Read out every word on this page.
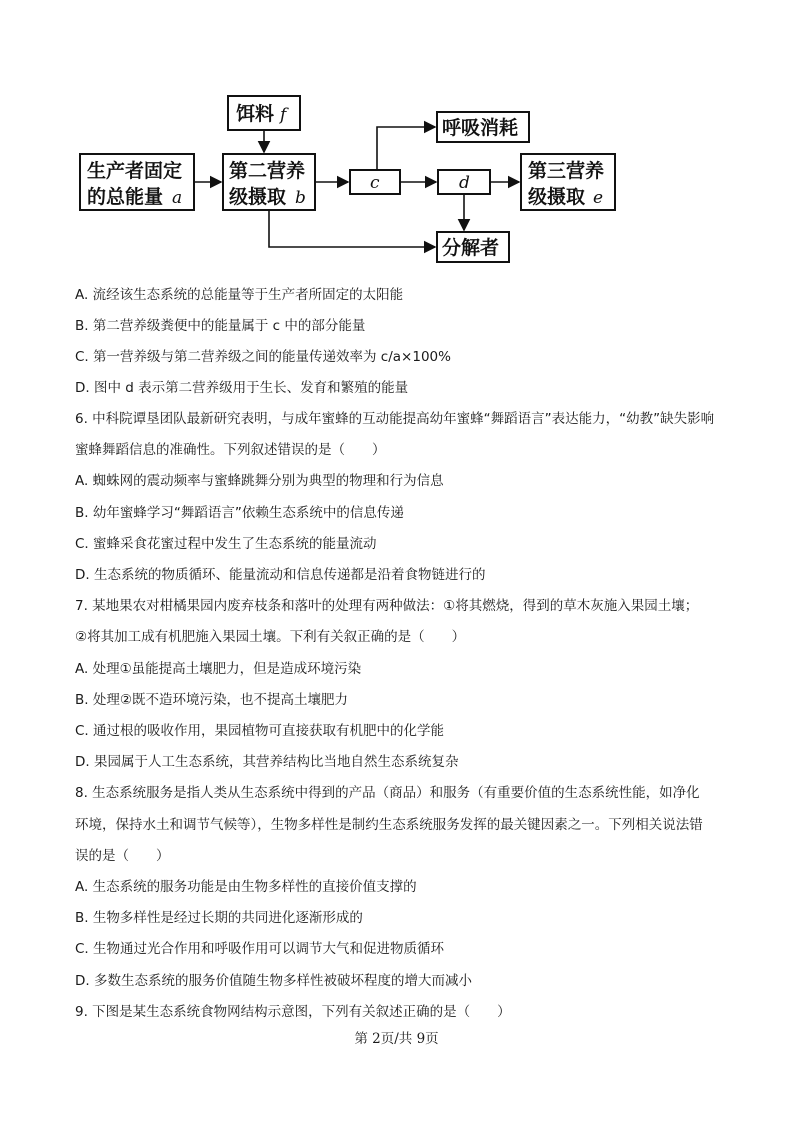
饵料 f
生产者固定
的总能量 a
第二营养
级摄取 b
c	d
呼吸消耗
第三营养
级摄取 e
分解者
A. 流经该生态系统的总能量等于生产者所固定的太阳能
B. 第二营养级粪便中的能量属于 c 中的部分能量
C. 第一营养级与第二营养级之间的能量传递效率为 c/a×100%
D. 图中 d 表示第二营养级用于生长、发育和繁殖的能量
6. 中科院谭垦团队最新研究表明，与成年蜜蜂的互动能提高幼年蜜蜂“舞蹈语言”表达能力，“幼教”缺失影响
蜜蜂舞蹈信息的准确性。下列叙述错误的是（　　）
A. 蜘蛛网的震动频率与蜜蜂跳舞分别为典型的物理和行为信息
B. 幼年蜜蜂学习“舞蹈语言”依赖生态系统中的信息传递
C. 蜜蜂采食花蜜过程中发生了生态系统的能量流动
D. 生态系统的物质循环、能量流动和信息传递都是沿着食物链进行的
7. 某地果农对柑橘果园内废弃枝条和落叶的处理有两种做法：①将其燃烧，得到的草木灰施入果园土壤；
②将其加工成有机肥施入果园土壤。下利有关叙正确的是（　　）
A. 处理①虽能提高土壤肥力，但是造成环境污染
B. 处理②既不造环境污染，也不提高土壤肥力
C. 通过根的吸收作用，果园植物可直接获取有机肥中的化学能
D. 果园属于人工生态系统，其营养结构比当地自然生态系统复杂
8. 生态系统服务是指人类从生态系统中得到的产品（商品）和服务（有重要价值的生态系统性能，如净化
环境，保持水土和调节气候等），生物多样性是制约生态系统服务发挥的最关键因素之一。下列相关说法错
误的是（　　）
A. 生态系统的服务功能是由生物多样性的直接价值支撑的
B. 生物多样性是经过长期的共同进化逐渐形成的
C. 生物通过光合作用和呼吸作用可以调节大气和促进物质循环
D. 多数生态系统的服务价值随生物多样性被破坏程度的增大而减小
9. 下图是某生态系统食物网结构示意图，下列有关叙述正确的是（　　）
第 2页/共 9页
